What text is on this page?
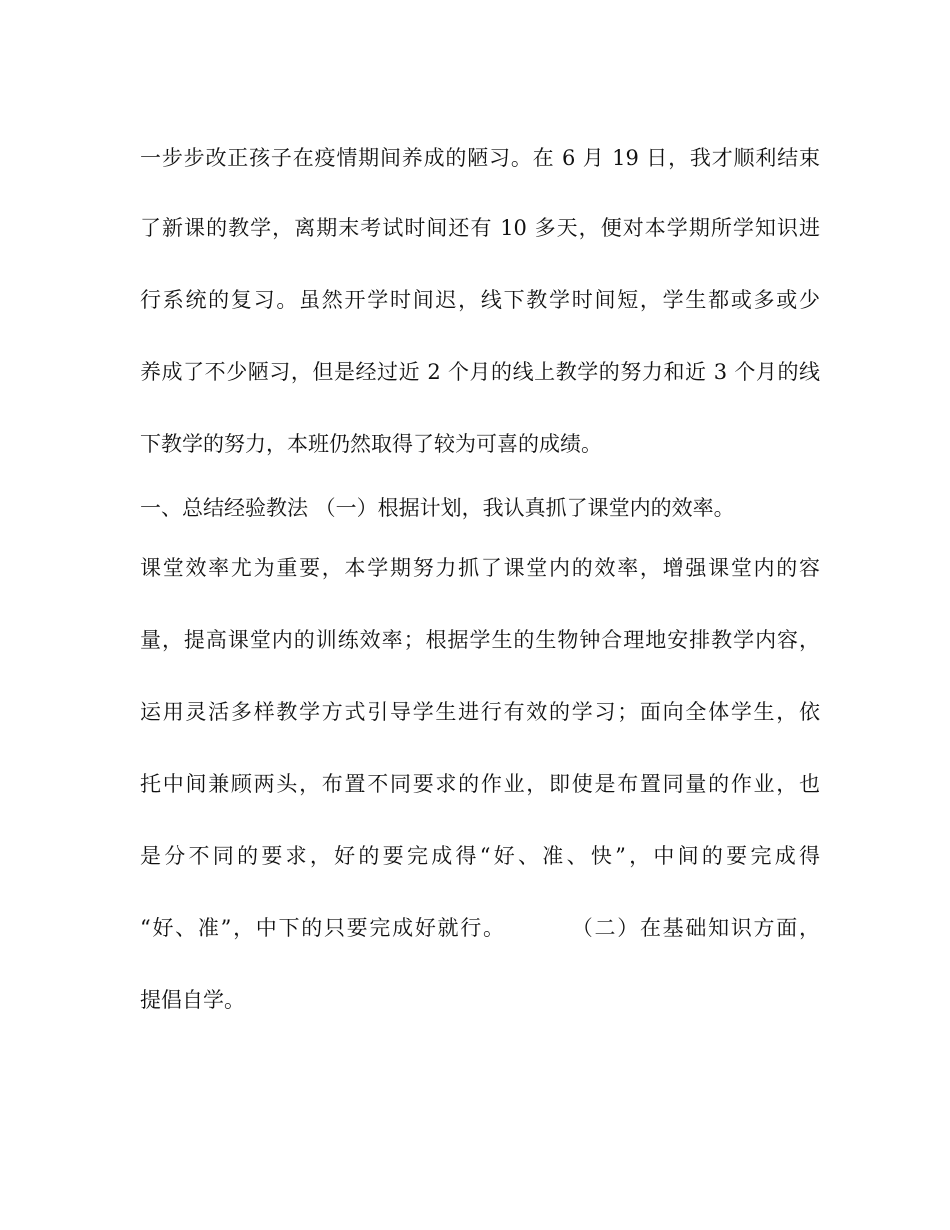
一步步改正孩子在疫情期间养成的陋习。在 6 月 19 日，我才顺利结束
了新课的教学，离期末考试时间还有 10 多天，便对本学期所学知识进
行系统的复习。虽然开学时间迟，线下教学时间短，学生都或多或少
养成了不少陋习，但是经过近 2 个月的线上教学的努力和近 3 个月的线
下教学的努力，本班仍然取得了较为可喜的成绩。
一、总结经验教法 （一）根据计划，我认真抓了课堂内的效率。
课堂效率尤为重要，本学期努力抓了课堂内的效率，增强课堂内的容
量，提高课堂内的训练效率；根据学生的生物钟合理地安排教学内容，
运用灵活多样教学方式引导学生进行有效的学习；面向全体学生，依
托中间兼顾两头，布置不同要求的作业，即使是布置同量的作业，也
是分不同的要求，好的要完成得“好、准、快”，中间的要完成得
“好、准”，中下的只要完成好就行。　　　 （二）在基础知识方面，
提倡自学。
